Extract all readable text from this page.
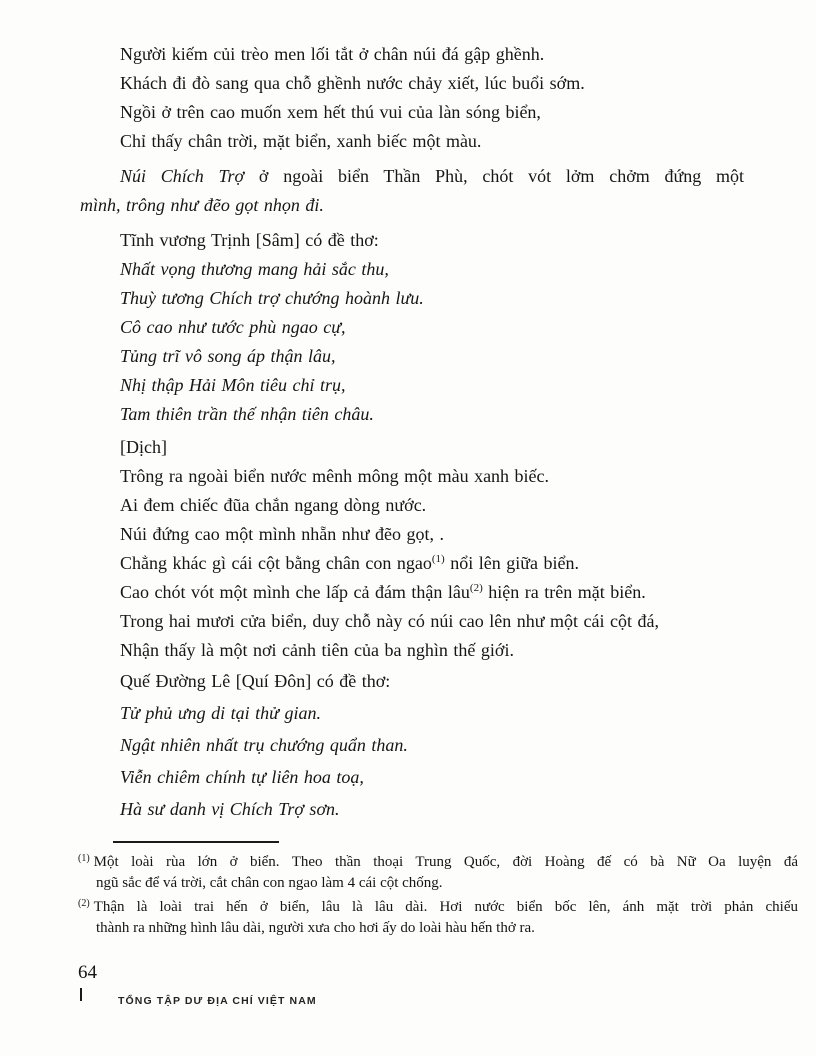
Người kiếm củi trèo men lối tắt ở chân núi đá gập ghềnh.
Khách đi đò sang qua chỗ ghềnh nước chảy xiết, lúc buổi sớm.
Ngồi ở trên cao muốn xem hết thú vui của làn sóng biển,
Chỉ thấy chân trời, mặt biển, xanh biếc một màu.
Núi Chích Trợ ở ngoài biển Thần Phù, chót vót lởm chởm đứng một
mình, trông như đẽo gọt nhọn đi.
Tĩnh vương Trịnh [Sâm] có đề thơ:
Nhất vọng thương mang hải sắc thu,
Thuỳ tương Chích trợ chướng hoành lưu.
Cô cao như tước phù ngao cự,
Tủng trĩ vô song áp thận lâu,
Nhị thập Hải Môn tiêu chỉ trụ,
Tam thiên trần thế nhận tiên châu.
[Dịch]
Trông ra ngoài biển nước mênh mông một màu xanh biếc.
Ai đem chiếc đũa chắn ngang dòng nước.
Núi đứng cao một mình nhẵn như đẽo gọt, .
Chẳng khác gì cái cột bằng chân con ngao$^{(1)}$ nổi lên giữa biển.
Cao chót vót một mình che lấp cả đám thận lâu$^{(2)}$ hiện ra trên mặt biển.
Trong hai mươi cửa biển, duy chỗ này có núi cao lên như một cái cột đá,
Nhận thấy là một nơi cảnh tiên của ba nghìn thế giới.
Quế Đường Lê [Quí Đôn] có đề thơ:
Tử phủ ưng di tại thử gian.
Ngật nhiên nhất trụ chướng quẩn than.
Viễn chiêm chính tự liên hoa toạ,
Hà sư danh vị Chích Trợ sơn.
$^{(1)}$ Một loài rùa lớn ở biển. Theo thần thoại Trung Quốc, đời Hoàng đế có bà Nữ Oa luyện đá
ngũ sắc để vá trời, cắt chân con ngao làm 4 cái cột chống.
$^{(2)}$ Thận là loài trai hến ở biển, lâu là lâu dài. Hơi nước biển bốc lên, ánh mặt trời phản chiếu
thành ra những hình lâu dài, người xưa cho hơi ấy do loài hàu hến thở ra.
64
TỔNG TẬP DƯ ĐỊA CHÍ VIỆT NAM
